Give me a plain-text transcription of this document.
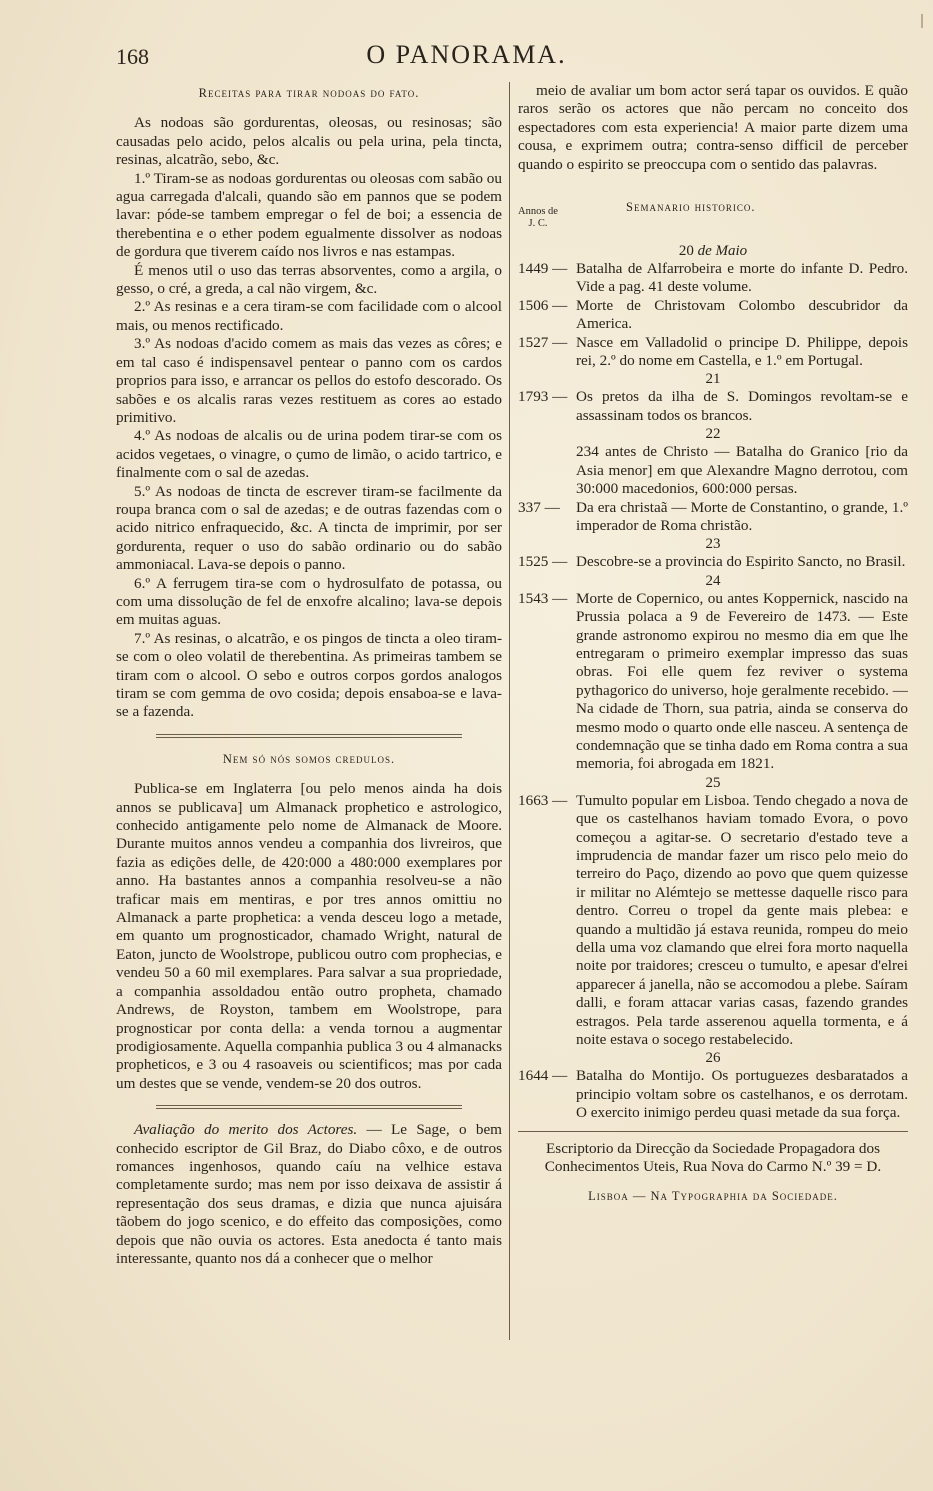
168	O PANORAMA.
Receitas para tirar nodoas do fato.

As nodoas são gordurentas, oleosas, ou resinosas; são causadas pelo acido, pelos alcalis ou pela urina, pela tincta, resinas, alcatrão, sebo, &c.

1.º Tiram-se as nodoas gordurentas ou oleosas com sabão ou agua carregada d'alcali, quando são em pannos que se podem lavar: póde-se tambem empregar o fel de boi; a essencia de therebentina e o ether podem egualmente dissolver as nodoas de gordura que tiverem caído nos livros e nas estampas.

É menos util o uso das terras absorventes, como a argila, o gesso, o cré, a greda, a cal não virgem, &c.

2.º As resinas e a cera tiram-se com facilidade com o alcool mais, ou menos rectificado.

3.º As nodoas d'acido comem as mais das vezes as côres; e em tal caso é indispensavel pentear o panno com os cardos proprios para isso, e arrancar os pellos do estofo descorado. Os sabões e os alcalis raras vezes restituem as cores ao estado primitivo.

4.º As nodoas de alcalis ou de urina podem tirar-se com os acidos vegetaes, o vinagre, o çumo de limão, o acido tartrico, e finalmente com o sal de azedas.

5.º As nodoas de tincta de escrever tiram-se facilmente da roupa branca com o sal de azedas; e de outras fazendas com o acido nitrico enfraquecido, &c. A tincta de imprimir, por ser gordurenta, requer o uso do sabão ordinario ou do sabão ammoniacal. Lava-se depois o panno.

6.º A ferrugem tira-se com o hydrosulfato de potassa, ou com uma dissolução de fel de enxofre alcalino; lava-se depois em muitas aguas.

7.º As resinas, o alcatrão, e os pingos de tincta a oleo tiram-se com o oleo volatil de therebentina. As primeiras tambem se tiram com o alcool. O sebo e outros corpos gordos analogos tiram se com gemma de ovo cosida; depois ensaboa-se e lava-se a fazenda.

Nem só nós somos credulos.

Publica-se em Inglaterra [ou pelo menos ainda ha dois annos se publicava] um Almanack prophetico e astrologico, conhecido antigamente pelo nome de Almanack de Moore. Durante muitos annos vendeu a companhia dos livreiros, que fazia as edições delle, de 420:000 a 480:000 exemplares por anno. Ha bastantes annos a companhia resolveu-se a não traficar mais em mentiras, e por tres annos omittiu no Almanack a parte prophetica: a venda desceu logo a metade, em quanto um prognosticador, chamado Wright, natural de Eaton, juncto de Woolstrope, publicou outro com prophecias, e vendeu 50 a 60 mil exemplares. Para salvar a sua propriedade, a companhia assoldadou então outro propheta, chamado Andrews, de Royston, tambem em Woolstrope, para prognosticar por conta della: a venda tornou a augmentar prodigiosamente. Aquella companhia publica 3 ou 4 almanacks propheticos, e 3 ou 4 rasoaveis ou scientificos; mas por cada um destes que se vende, vendem-se 20 dos outros.

Avaliação do merito dos Actores. — Le Sage, o bem conhecido escriptor de Gil Braz, do Diabo côxo, e de outros romances ingenhosos, quando caíu na velhice estava completamente surdo; mas nem por isso deixava de assistir á representação dos seus dramas, e dizia que nunca ajuisára tãobem do jogo scenico, e do effeito das composições, como depois que não ouvia os actores. Esta anedocta é tanto mais interessante, quanto nos dá a conhecer que o melhor

meio de avaliar um bom actor será tapar os ouvidos. E quão raros serão os actores que não percam no conceito dos espectadores com esta experiencia! A maior parte dizem uma cousa, e exprimem outra; contra-senso difficil de perceber quando o espirito se preoccupa com o sentido das palavras.

Annos de J. C.
Semanario historico.
20 de Maio
1449 — Batalha de Alfarrobeira e morte do infante D. Pedro. Vide a pag. 41 deste volume.
1506 — Morte de Christovam Colombo descubridor da America.
1527 — Nasce em Valladolid o principe D. Philippe, depois rei, 2.º do nome em Castella, e 1.º em Portugal.
21
1793 — Os pretos da ilha de S. Domingos revoltam-se e assassinam todos os brancos.
22
234 antes de Christo — Batalha do Granico [rio da Asia menor] em que Alexandre Magno derrotou, com 30:000 macedonios, 600:000 persas.
337 —	Da era christaã — Morte de Constantino, o grande, 1.º imperador de Roma christão.
23
1525 — Descobre-se a provincia do Espirito Sancto, no Brasil.
24
1543 — Morte de Copernico, ou antes Koppernick, nascido na Prussia polaca a 9 de Fevereiro de 1473. — Este grande astronomo expirou no mesmo dia em que lhe entregaram o primeiro exemplar impresso das suas obras. Foi elle quem fez reviver o systema pythagorico do universo, hoje geralmente recebido. — Na cidade de Thorn, sua patria, ainda se conserva do mesmo modo o quarto onde elle nasceu. A sentença de condemnação que se tinha dado em Roma contra a sua memoria, foi abrogada em 1821.
25
1663 — Tumulto popular em Lisboa. Tendo chegado a nova de que os castelhanos haviam tomado Evora, o povo começou a agitar-se. O secretario d'estado teve a imprudencia de mandar fazer um risco pelo meio do terreiro do Paço, dizendo ao povo que quem quizesse ir militar no Alémtejo se mettesse daquelle risco para dentro. Correu o tropel da gente mais plebea: e quando a multidão já estava reunida, rompeu do meio della uma voz clamando que elrei fora morto naquella noite por traidores; cresceu o tumulto, e apesar d'elrei apparecer á janella, não se accomodou a plebe. Saíram dalli, e foram attacar varias casas, fazendo grandes estragos. Pela tarde asserenou aquella tormenta, e á noite estava o socego restabelecido.
26
1644 — Batalha do Montijo. Os portuguezes desbaratados a principio voltam sobre os castelhanos, e os derrotam. O exercito inimigo perdeu quasi metade da sua força.
Escriptorio da Direcção da Sociedade Propagadora dos Conhecimentos Uteis, Rua Nova do Carmo N.º 39 = D.
Lisboa — Na Typographia da Sociedade.
